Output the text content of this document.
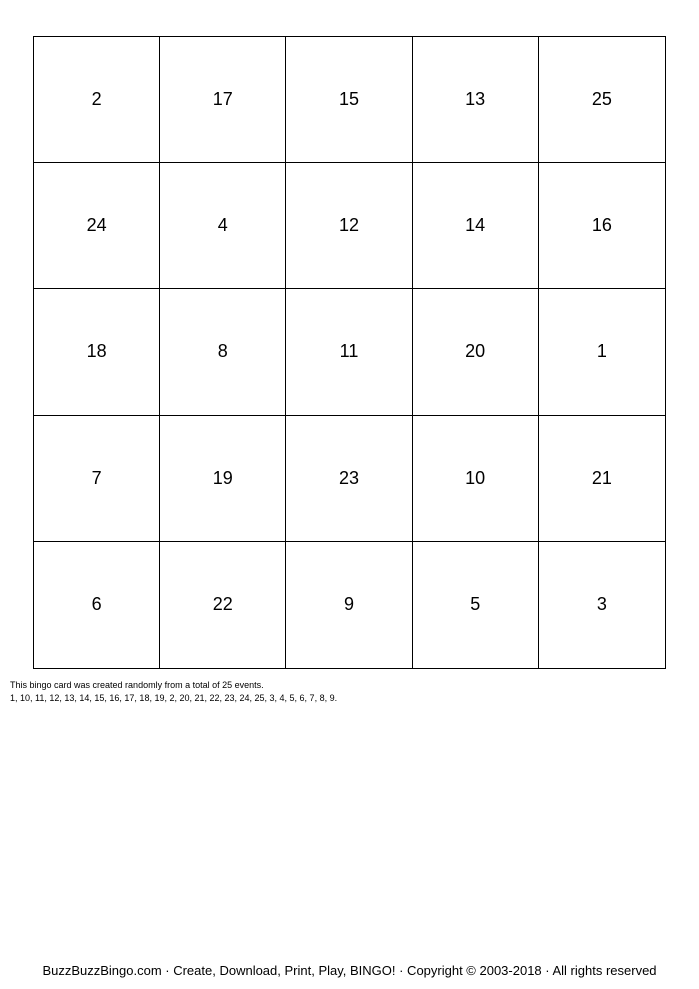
2	17	15	13	25
24	4	12	14	16
18	8	11	20	1
7	19	23	10	21
6	22	9	5	3
This bingo card was created randomly from a total of 25 events.
1, 10, 11, 12, 13, 14, 15, 16, 17, 18, 19, 2, 20, 21, 22, 23, 24, 25, 3, 4, 5, 6, 7, 8, 9.
BuzzBuzzBingo.com · Create, Download, Print, Play, BINGO! · Copyright © 2003-2018 · All rights reserved
